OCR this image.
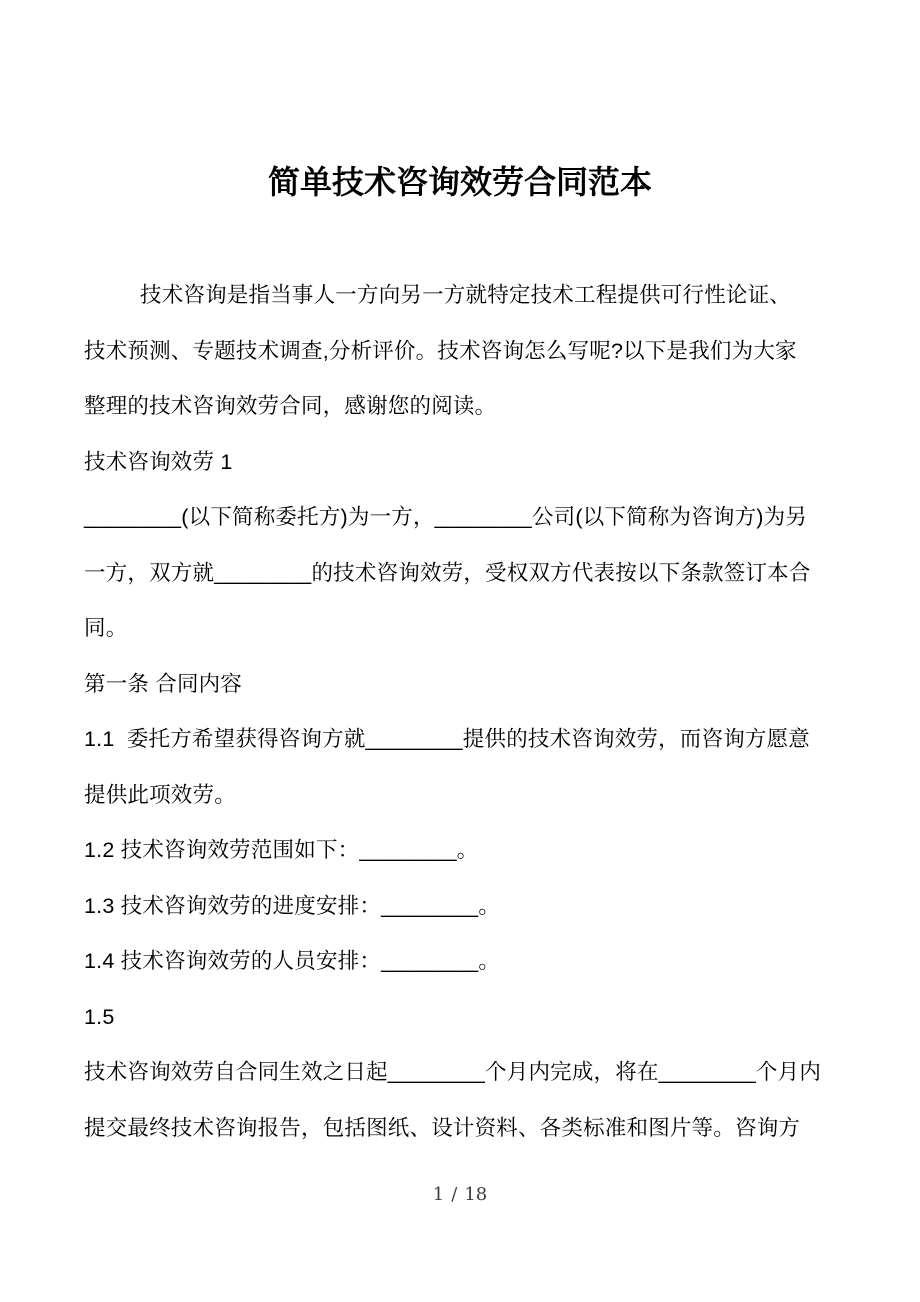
简单技术咨询效劳合同范本
技术咨询是指当事人一方向另一方就特定技术工程提供可行性论证、
技术预测、专题技术调查,分析评价。技术咨询怎么写呢?以下是我们为大家
整理的技术咨询效劳合同，感谢您的阅读。
技术咨询效劳 1
________(以下简称委托方)为一方，________公司(以下简称为咨询方)为另
一方，双方就________的技术咨询效劳，受权双方代表按以下条款签订本合
同。
第一条 合同内容
1.1  委托方希望获得咨询方就________提供的技术咨询效劳，而咨询方愿意
提供此项效劳。
1.2 技术咨询效劳范围如下：________。
1.3 技术咨询效劳的进度安排：________。
1.4 技术咨询效劳的人员安排：________。
1.5
技术咨询效劳自合同生效之日起________个月内完成，将在________个月内
提交最终技术咨询报告，包括图纸、设计资料、各类标准和图片等。咨询方
1 / 18
